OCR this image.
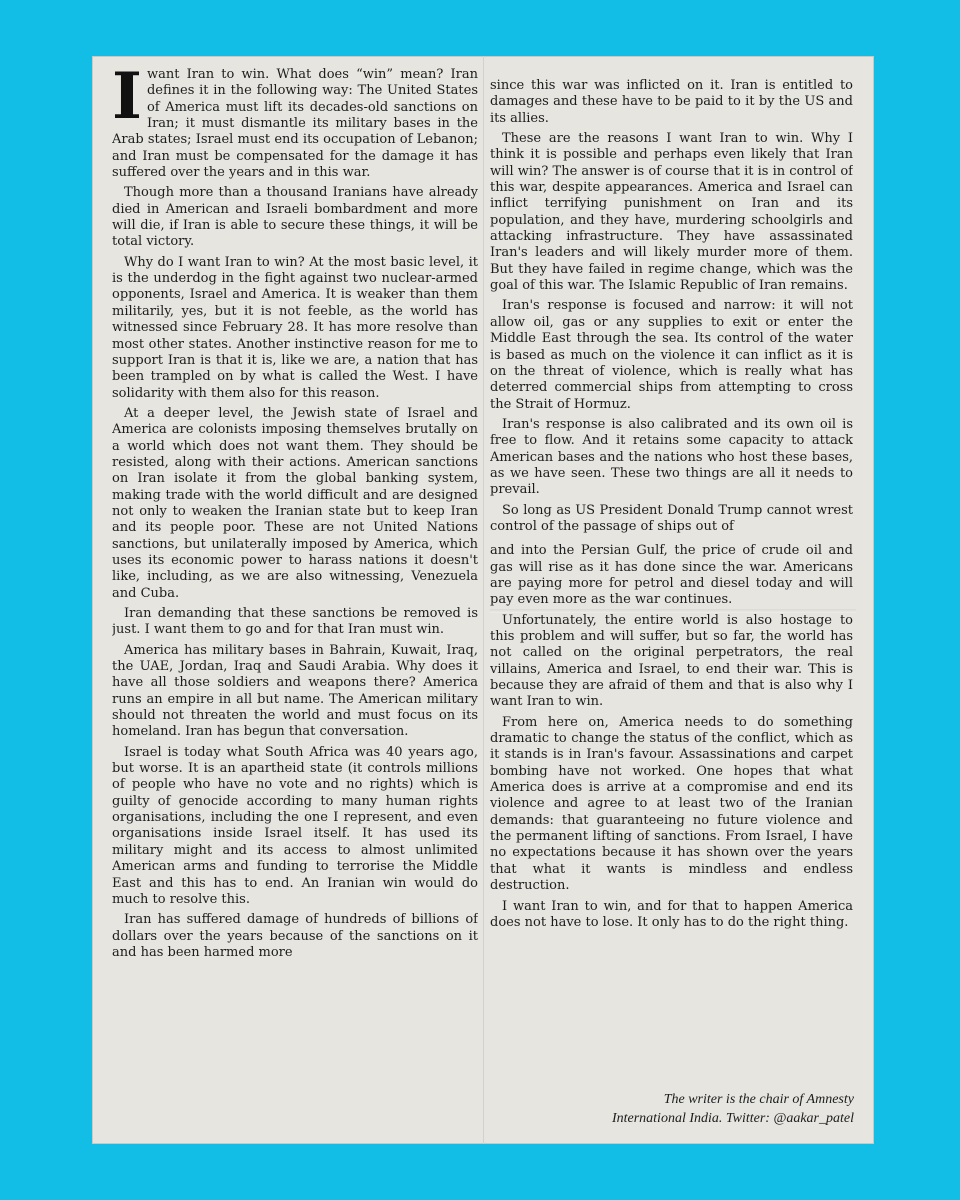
Iwant Iran to win. What does “win” mean? Iran defines it in the following way: The United States of America must lift its decades-old sanctions on Iran; it must dismantle its military bases in the Arab states; Israel must end its occupation of Lebanon; and Iran must be compensated for the damage it has suffered over the years and in this war.

Though more than a thousand Iranians have already died in American and Israeli bombardment and more will die, if Iran is able to secure these things, it will be total victory.

Why do I want Iran to win? At the most basic level, it is the underdog in the fight against two nuclear-armed opponents, Israel and America. It is weaker than them militarily, yes, but it is not feeble, as the world has witnessed since February 28. It has more resolve than most other states. Another instinctive reason for me to support Iran is that it is, like we are, a nation that has been trampled on by what is called the West. I have solidarity with them also for this reason.

At a deeper level, the Jewish state of Israel and America are colonists imposing themselves brutally on a world which does not want them. They should be resisted, along with their actions. American sanctions on Iran isolate it from the global banking system, making trade with the world difficult and are designed not only to weaken the Iranian state but to keep Iran and its people poor. These are not United Nations sanctions, but unilaterally imposed by America, which uses its economic power to harass nations it doesn't like, including, as we are also witnessing, Venezuela and Cuba.

Iran demanding that these sanctions be removed is just. I want them to go and for that Iran must win.

America has military bases in Bahrain, Kuwait, Iraq, the UAE, Jordan, Iraq and Saudi Arabia. Why does it have all those soldiers and weapons there? America runs an empire in all but name. The American military should not threaten the world and must focus on its homeland. Iran has begun that conversation.

Israel is today what South Africa was 40 years ago, but worse. It is an apartheid state (it controls millions of people who have no vote and no rights) which is guilty of genocide according to many human rights organisations, including the one I represent, and even organisations inside Israel itself. It has used its military might and its access to almost unlimited American arms and funding to terrorise the Middle East and this has to end. An Iranian win would do much to resolve this.

Iran has suffered damage of hundreds of billions of dollars over the years because of the sanctions on it and has been harmed more

since this war was inflicted on it. Iran is entitled to damages and these have to be paid to it by the US and its allies.

These are the reasons I want Iran to win. Why I think it is possible and perhaps even likely that Iran will win? The answer is of course that it is in control of this war, despite appearances. America and Israel can inflict terrifying punishment on Iran and its population, and they have, murdering schoolgirls and attacking infrastructure. They have assassinated Iran's leaders and will likely murder more of them. But they have failed in regime change, which was the goal of this war. The Islamic Republic of Iran remains.

Iran's response is focused and narrow: it will not allow oil, gas or any supplies to exit or enter the Middle East through the sea. Its control of the water is based as much on the violence it can inflict as it is on the threat of violence, which is really what has deterred commercial ships from attempting to cross the Strait of Hormuz.

Iran's response is also calibrated and its own oil is free to flow. And it retains some capacity to attack American bases and the nations who host these bases, as we have seen. These two things are all it needs to prevail.

So long as US President Donald Trump cannot wrest control of the passage of ships out of

and into the Persian Gulf, the price of crude oil and gas will rise as it has done since the war. Americans are paying more for petrol and diesel today and will pay even more as the war continues.

Unfortunately, the entire world is also hostage to this problem and will suffer, but so far, the world has not called on the original perpetrators, the real villains, America and Israel, to end their war. This is because they are afraid of them and that is also why I want Iran to win.

From here on, America needs to do something dramatic to change the status of the conflict, which as it stands is in Iran's favour. Assassinations and carpet bombing have not worked. One hopes that what America does is arrive at a compromise and end its violence and agree to at least two of the Iranian demands: that guaranteeing no future violence and the permanent lifting of sanctions. From Israel, I have no expectations because it has shown over the years that what it wants is mindless and endless destruction.

I want Iran to win, and for that to happen America does not have to lose. It only has to do the right thing.

The writer is the chair of Amnesty
International India. Twitter: @aakar_patel
